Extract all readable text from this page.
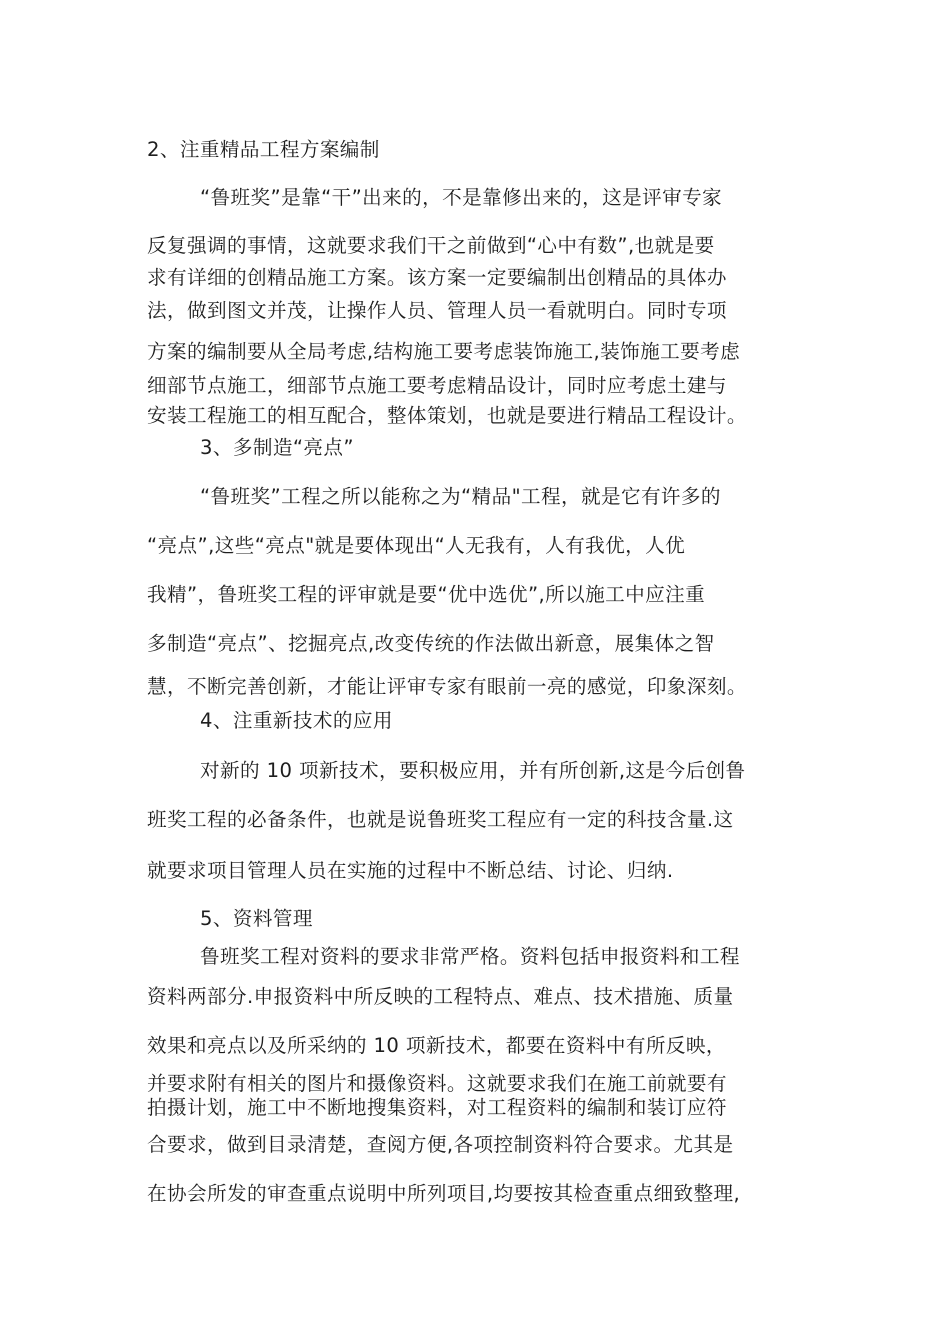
2、注重精品工程方案编制
“鲁班奖”是靠“干”出来的，不是靠修出来的，这是评审专家
反复强调的事情，这就要求我们干之前做到“心中有数”,也就是要
求有详细的创精品施工方案。该方案一定要编制出创精品的具体办
法，做到图文并茂，让操作人员、管理人员一看就明白。同时专项
方案的编制要从全局考虑,结构施工要考虑装饰施工,装饰施工要考虑
细部节点施工，细部节点施工要考虑精品设计，同时应考虑土建与
安装工程施工的相互配合，整体策划，也就是要进行精品工程设计。
3、多制造“亮点”
“鲁班奖”工程之所以能称之为“精品"工程，就是它有许多的
“亮点”,这些“亮点"就是要体现出“人无我有，人有我优，人优
我精”，鲁班奖工程的评审就是要“优中选优”,所以施工中应注重
多制造“亮点”、挖掘亮点,改变传统的作法做出新意，展集体之智
慧，不断完善创新，才能让评审专家有眼前一亮的感觉，印象深刻。
4、注重新技术的应用
对新的 10 项新技术，要积极应用，并有所创新,这是今后创鲁
班奖工程的必备条件，也就是说鲁班奖工程应有一定的科技含量.这
就要求项目管理人员在实施的过程中不断总结、讨论、归纳.
5、资料管理
鲁班奖工程对资料的要求非常严格。资料包括申报资料和工程
资料两部分.申报资料中所反映的工程特点、难点、技术措施、质量
效果和亮点以及所采纳的 10 项新技术，都要在资料中有所反映，
并要求附有相关的图片和摄像资料。这就要求我们在施工前就要有
拍摄计划，施工中不断地搜集资料，对工程资料的编制和装订应符
合要求，做到目录清楚，查阅方便,各项控制资料符合要求。尤其是
在协会所发的审查重点说明中所列项目,均要按其检查重点细致整理,
